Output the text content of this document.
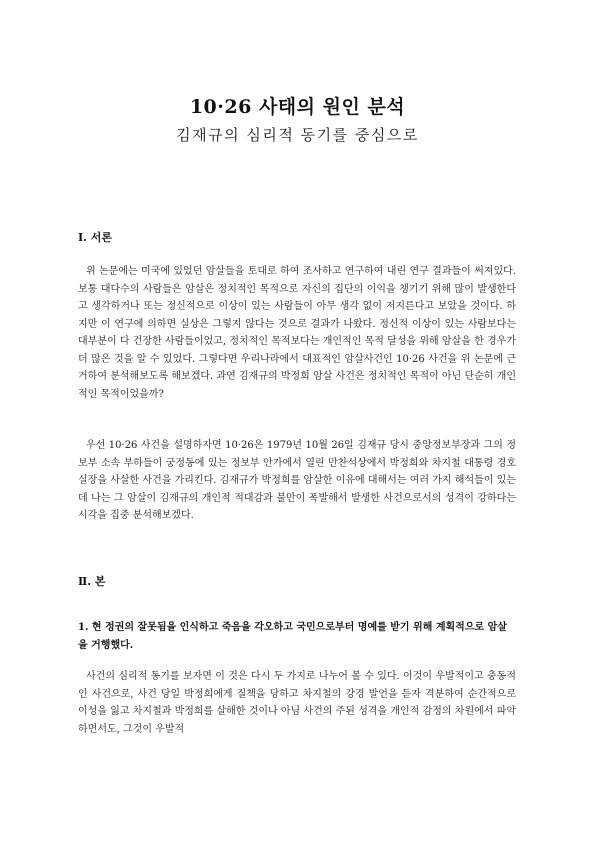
10·26 사태의 원인 분석
김재규의 심리적 동기를 중심으로
Ⅰ. 서론

위 논문에는 미국에 있었던 암살들을 토대로 하여 조사하고 연구하여 내린 연구 결과들이 써져있다. 보통 대다수의 사람들은 암살은 정치적인 목적으로 자신의 집단의 이익을 챙기기 위해 많이 발생한다고 생각하거나 또는 정신적으로 이상이 있는 사람들이 아무 생각 없이 저지른다고 보았을 것이다. 하지만 이 연구에 의하면 실상은 그렇지 않다는 것으로 결과가 나왔다. 정신적 이상이 있는 사람보다는 대부분이 다 건장한 사람들이었고, 정치적인 목적보다는 개인적인 목적 달성을 위해 암살을 한 경우가 더 많은 것을 알 수 있었다. 그렇다면 우리나라에서 대표적인 암살사건인 10·26 사건을 위 논문에 근거하여 분석해보도록 해보겠다. 과연 김재규의 박정희 암살 사건은 정치적인 목적이 아닌 단순히 개인적인 목적이었을까?

우선 10·26 사건을 설명하자면 10·26은 1979년 10월 26일 김재규 당시 중앙정보부장과 그의 정보부 소속 부하들이 궁정동에 있는 정보부 안가에서 열린 만찬석상에서 박정희와 차지철 대통령 경호실장을 사살한 사건을 가리킨다. 김재규가 박정희를 암살한 이유에 대해서는 여러 가지 해석들이 있는데 나는 그 암살이 김재규의 개인적 적대감과 불만이 폭발해서 발생한 사건으로서의 성격이 강하다는 시각을 집중 분석해보겠다.

Ⅱ. 본

1. 현 정권의 잘못됨을 인식하고 죽음을 각오하고 국민으로부터 명예를 받기 위해 계획적으로 암살을 거행했다.

사건의 심리적 동기를 보자면 이 것은 다시 두 가지로 나누어 볼 수 있다. 이것이 우발적이고 충동적인 사건으로, 사건 당일 박정희에게 질책을 당하고 차지철의 강경 발언을 듣자 격분하여 순간적으로 이성을 잃고 차지철과 박정희를 살해한 것이나 아님 사건의 주된 성격을 개인적 감정의 차원에서 파악하면서도, 그것이 우발적
